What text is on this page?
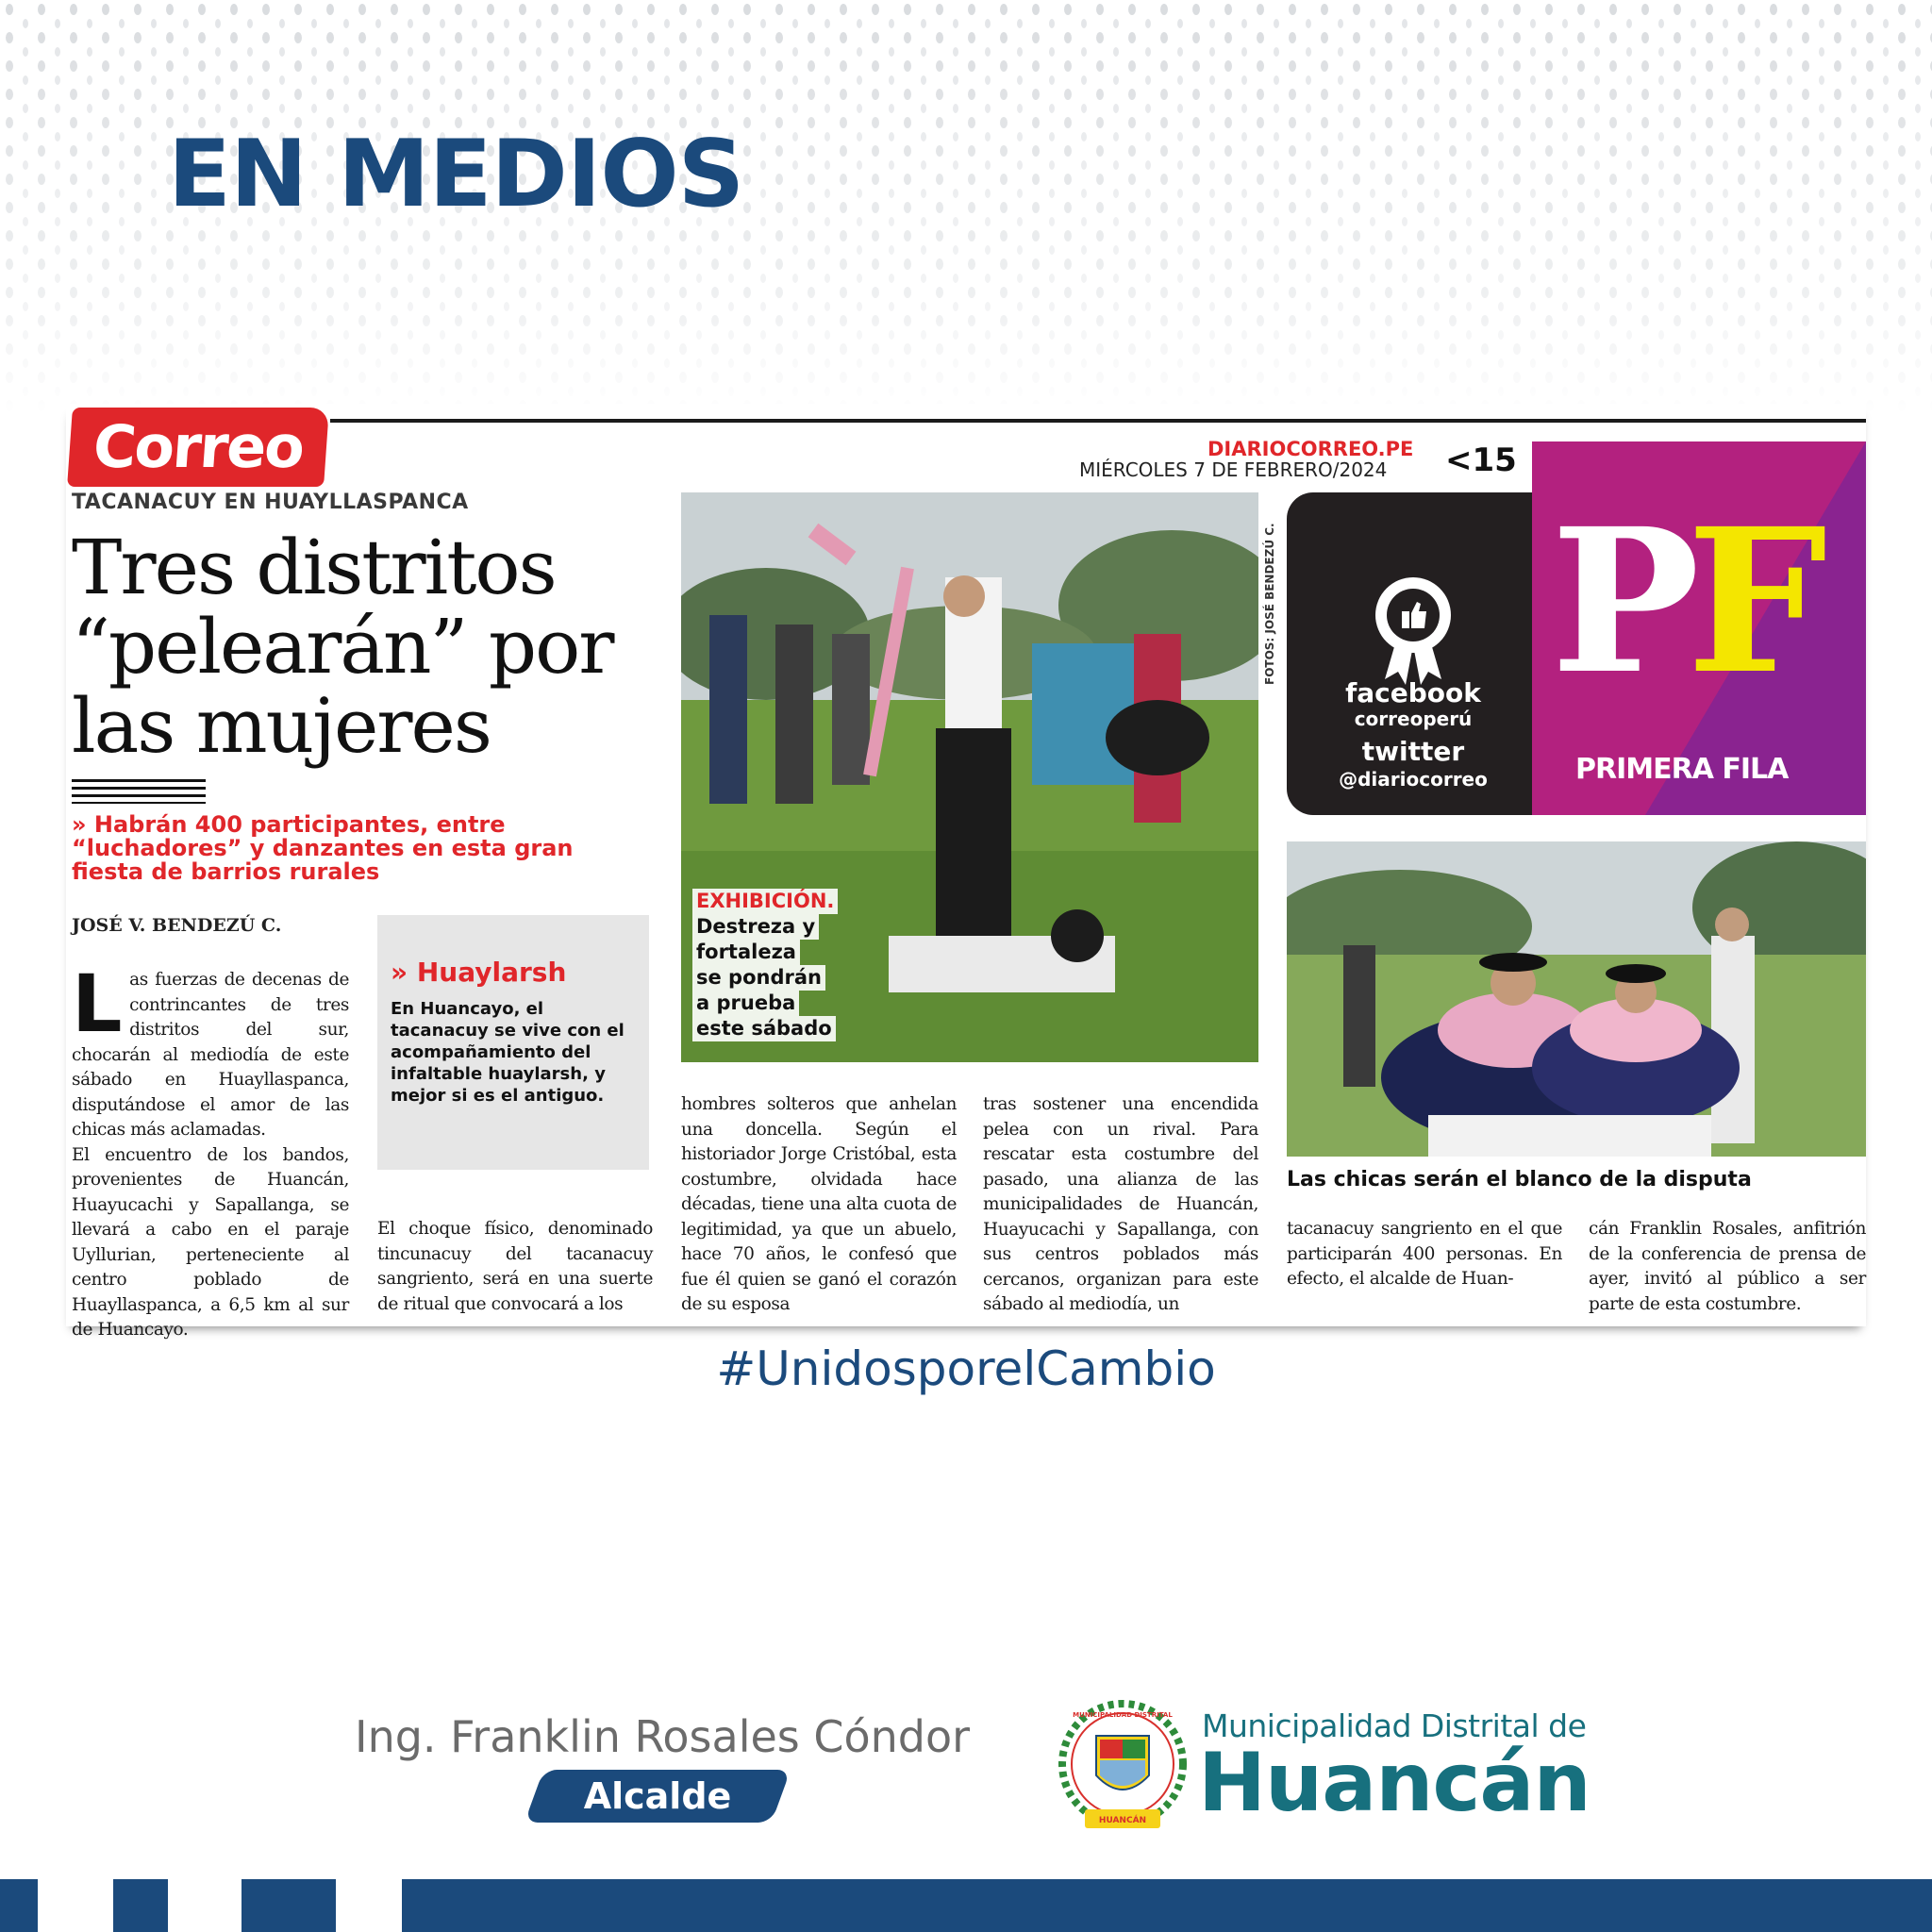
EN MEDIOS
Correo
TACANACUY EN HUAYLLASPANCA
DIARIOCORREO.PE
MIÉRCOLES 7 DE FEBRERO/2024 <15
Tres distritos “pelearán” por las mujeres
» Habrán 400 participantes, entre “luchadores” y danzantes en esta gran fiesta de barrios rurales
JOSÉ V. BENDEZÚ C.
Las fuerzas de decenas de contrincantes de tres distritos del sur, chocarán al mediodía de este sábado en Huayllaspanca, disputándose el amor de las chicas más aclamadas.
El encuentro de los bandos, provenientes de Huancán, Huayucachi y Sapallanga, se llevará a cabo en el paraje Uyllurian, perteneciente al centro poblado de Huayllaspanca, a 6,5 km al sur de Huancayo.
» Huaylarsh
En Huancayo, el tacanacuy se vive con el acompañamiento del infaltable huaylarsh, y mejor si es el antiguo.
El choque físico, denominado tincunacuy del tacanacuy sangriento, será en una suerte de ritual que convocará a los
hombres solteros que anhelan una doncella. Según el historiador Jorge Cristóbal, esta costumbre, olvidada hace décadas, tiene una alta cuota de legitimidad, ya que un abuelo, hace 70 años, le confesó que fue él quien se ganó el corazón de su esposa
tras sostener una encendida pelea con un rival. Para rescatar esta costumbre del pasado, una alianza de las municipalidades de Huancán, Huayucachi y Sapallanga, con sus centros poblados más cercanos, organizan para este sábado al mediodía, un
tacanacuy sangriento en el que participarán 400 personas. En efecto, el alcalde de Huan-
cán Franklin Rosales, anfitrión de la conferencia de prensa de ayer, invitó al público a ser parte de esta costumbre.
EXHIBICIÓN.
Destreza y
fortaleza
se pondrán
a prueba
este sábado
FOTOS: JOSÉ BENDEZÚ C.
facebook
correoperú
twitter
@diariocorreo
PF
PRIMERA FILA
Las chicas serán el blanco de la disputa
#UnidosporelCambio
Ing. Franklin Rosales Cóndor
Alcalde
HUANCÁN
MUNICIPALIDAD DISTRITAL Municipalidad Distrital de
Huancán
